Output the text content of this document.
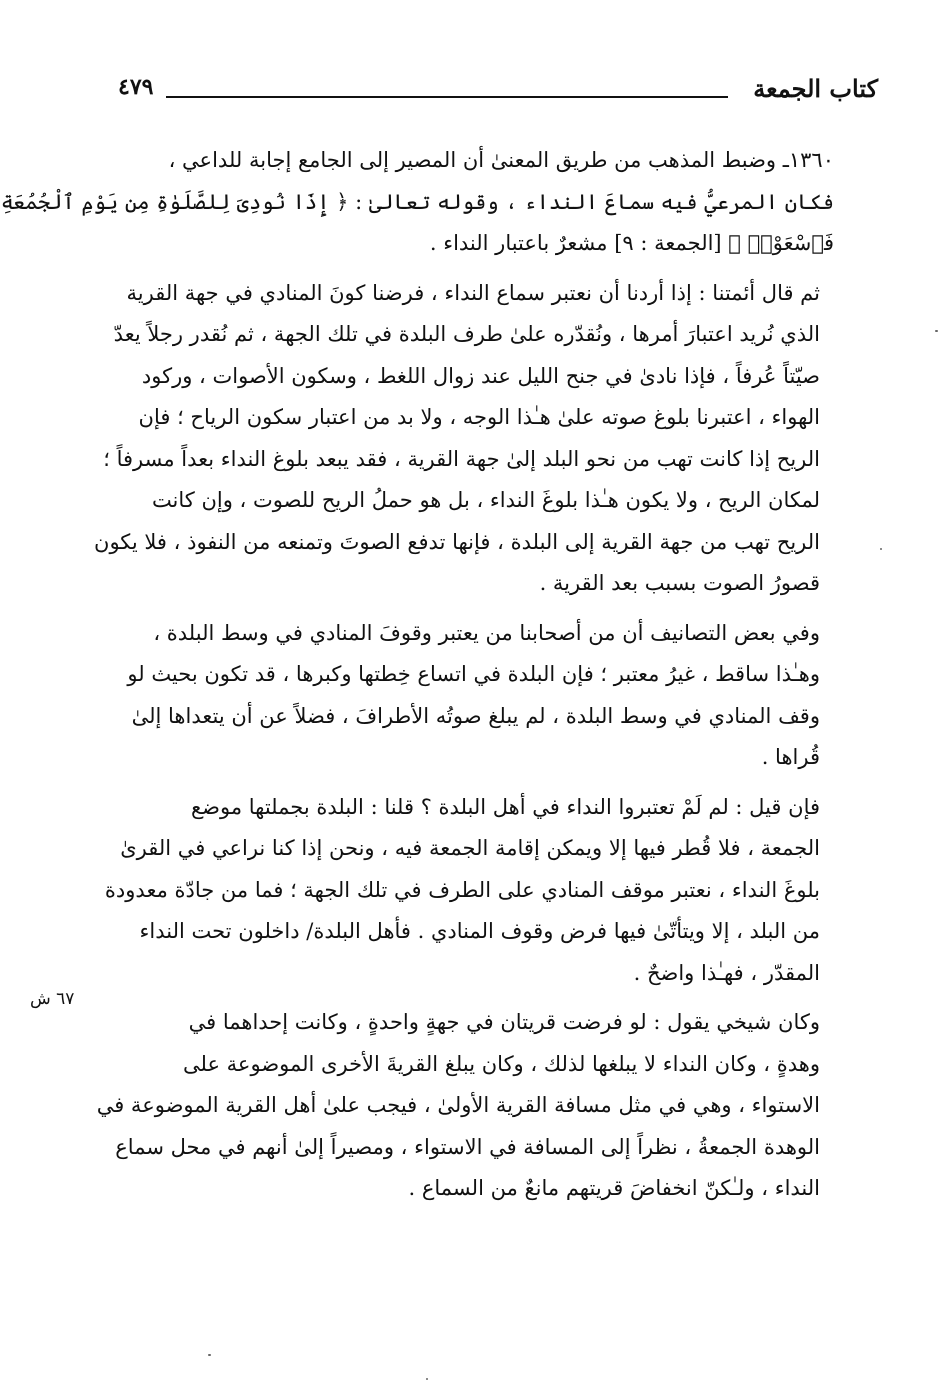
كتاب الجمعة
٤٧٩

١٣٦٠ـ وضبط المذهب من طريق المعنىٰ أن المصير إلى الجامع إجابة للداعي ،
فكان المرعيُّ فيه سماعَ النداء ، وقوله تعالىٰ : ﴿ إِذَا نُودِىَ لِلصَّلَوٰةِ مِن يَوْمِ ٱلْجُمُعَةِ
فَٱسْعَوْا۟ ﴾ [الجمعة : ٩] مشعرٌ باعتبار النداء .

ثم قال أئمتنا : إذا أردنا أن نعتبر سماع النداء ، فرضنا كونَ المنادي في جهة القرية
الذي نُريد اعتبارَ أمرها ، ونُقدّره علىٰ طرف البلدة في تلك الجهة ، ثم نُقدر رجلاً يعدّ
صيّتاً عُرفاً ، فإذا نادىٰ في جنح الليل عند زوال اللغط ، وسكون الأصوات ، وركود
الهواء ، اعتبرنا بلوغ صوته علىٰ هـٰذا الوجه ، ولا بد من اعتبار سكون الرياح ؛ فإن
الريح إذا كانت تهب من نحو البلد إلىٰ جهة القرية ، فقد يبعد بلوغ النداء بعداً مسرفاً ؛
لمكان الريح ، ولا يكون هـٰذا بلوغَ النداء ، بل هو حملُ الريح للصوت ، وإن كانت
الريح تهب من جهة القرية إلى البلدة ، فإنها تدفع الصوتَ وتمنعه من النفوذ ، فلا يكون
قصورُ الصوت بسبب بعد القرية .

وفي بعض التصانيف أن من أصحابنا من يعتبر وقوفَ المنادي في وسط البلدة ،
وهـٰذا ساقط ، غيرُ معتبر ؛ فإن البلدة في اتساع خِطتها وكبرها ، قد تكون بحيث لو
وقف المنادي في وسط البلدة ، لم يبلغ صوتُه الأطرافَ ، فضلاً عن أن يتعداها إلىٰ
قُراها .

فإن قيل : لم لَمْ تعتبروا النداء في أهل البلدة ؟ قلنا : البلدة بجملتها موضع
الجمعة ، فلا قُطر فيها إلا ويمكن إقامة الجمعة فيه ، ونحن إذا كنا نراعي في القرىٰ
بلوغَ النداء ، نعتبر موقف المنادي على الطرف في تلك الجهة ؛ فما من جادّة معدودة
من البلد ، إلا ويتأتّىٰ فيها فرض وقوف المنادي . فأهل البلدة/ داخلون تحت النداء
المقدّر ، فهـٰذا واضحٌ .

وكان شيخي يقول : لو فرضت قريتان في جهةٍ واحدةٍ ، وكانت إحداهما في
وهدةٍ ، وكان النداء لا يبلغها لذلك ، وكان يبلغ القريةَ الأخرى الموضوعة على
الاستواء ، وهي في مثل مسافة القرية الأولىٰ ، فيجب علىٰ أهل القرية الموضوعة في
الوهدة الجمعةُ ، نظراً إلى المسافة في الاستواء ، ومصيراً إلىٰ أنهم في محل سماع
النداء ، ولـٰكنّ انخفاضَ قريتهم مانعٌ من السماع .

٦٧ ش
